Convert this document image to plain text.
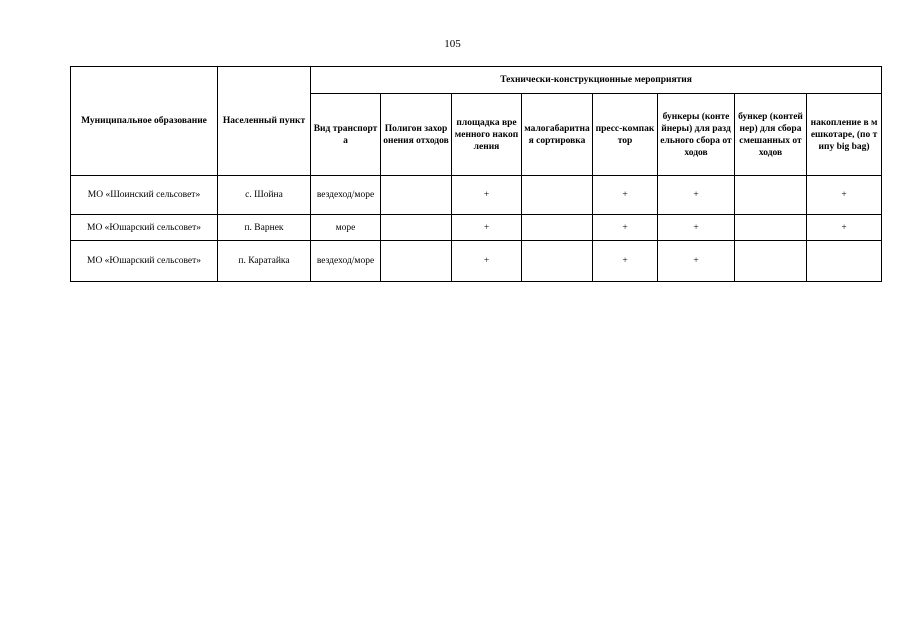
105
Муниципальное образование	Населенный пункт	Технически-конструкционные мероприятия							
		Вид транспорта	Полигон захоронения отходов	площадка временного накопления	малогабаритная сортировка	пресс-компактор	бункеры (контейнеры) для раздельного сбора отходов	бункер (контейнер) для сбора смешанных отходов	накопление в мешкотаре, (по типу big bag)
МО «Шоинский сельсовет»	с. Шойна	вездеход/море		+		+	+		+
МО «Юшарский сельсовет»	п. Варнек	море		+		+	+		+
МО «Юшарский сельсовет»	п. Каратайка	вездеход/море		+		+	+		
